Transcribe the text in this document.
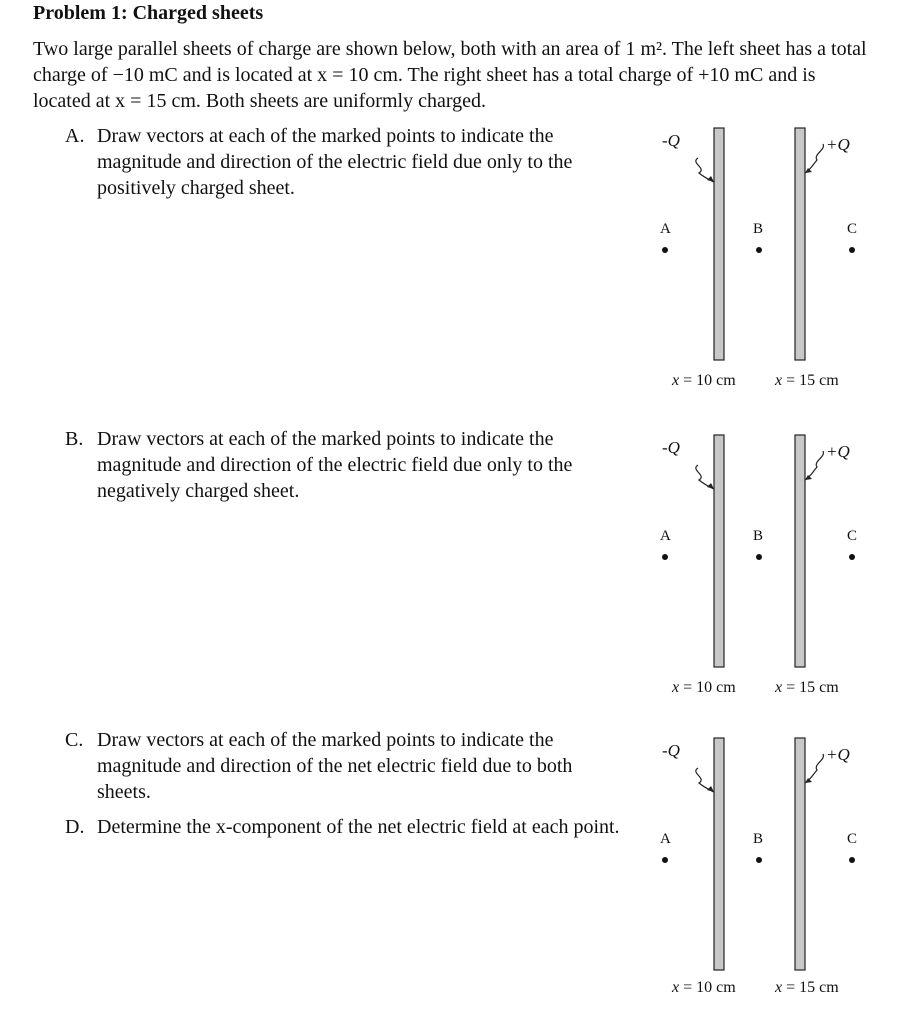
Problem 1: Charged sheets

Two large parallel sheets of charge are shown below, both with an area of 1 m². The left sheet has a total charge of −10 mC and is located at x = 10 cm. The right sheet has a total charge of +10 mC and is located at x = 15 cm. Both sheets are uniformly charged.

A. Draw vectors at each of the marked points to indicate the magnitude and direction of the electric field due only to the positively charged sheet.
B. Draw vectors at each of the marked points to indicate the magnitude and direction of the electric field due only to the negatively charged sheet.
C. Draw vectors at each of the marked points to indicate the magnitude and direction of the net electric field due to both sheets.
D. Determine the x-component of the net electric field at each point.
-Q	+Q
A	B	C
x = 10 cm x = 15 cm
-Q	+Q
A	B	C
x = 10 cm x = 15 cm
-Q	+Q
A	B	C
x = 10 cm x = 15 cm
